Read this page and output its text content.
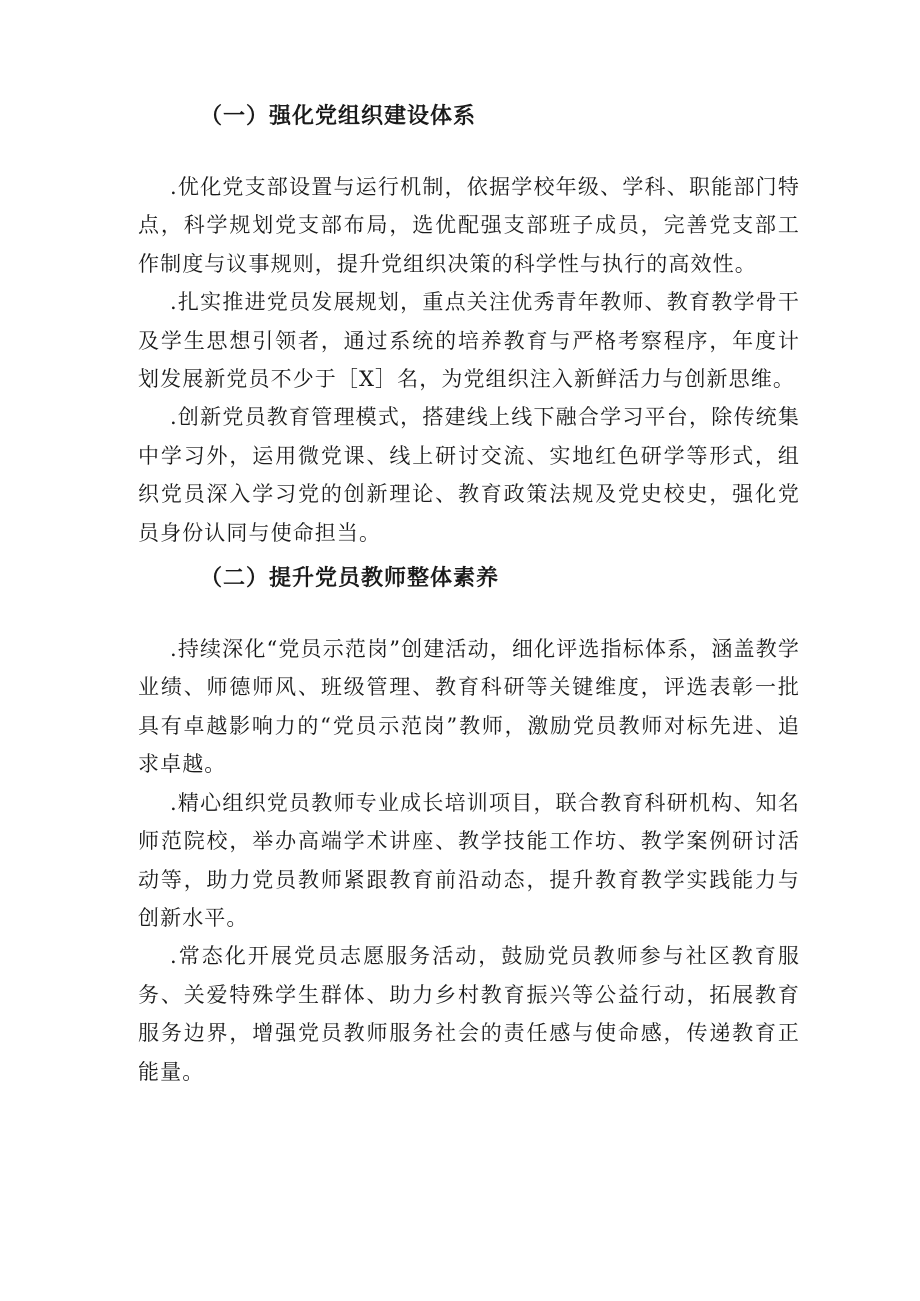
（一）强化党组织建设体系

.优化党支部设置与运行机制，依据学校年级、学科、职能部门特点，科学规划党支部布局，选优配强支部班子成员，完善党支部工作制度与议事规则，提升党组织决策的科学性与执行的高效性。

.扎实推进党员发展规划，重点关注优秀青年教师、教育教学骨干及学生思想引领者，通过系统的培养教育与严格考察程序，年度计划发展新党员不少于［X］名，为党组织注入新鲜活力与创新思维。

.创新党员教育管理模式，搭建线上线下融合学习平台，除传统集中学习外，运用微党课、线上研讨交流、实地红色研学等形式，组织党员深入学习党的创新理论、教育政策法规及党史校史，强化党员身份认同与使命担当。

（二）提升党员教师整体素养

.持续深化“党员示范岗”创建活动，细化评选指标体系，涵盖教学业绩、师德师风、班级管理、教育科研等关键维度，评选表彰一批具有卓越影响力的“党员示范岗”教师，激励党员教师对标先进、追求卓越。

.精心组织党员教师专业成长培训项目，联合教育科研机构、知名师范院校，举办高端学术讲座、教学技能工作坊、教学案例研讨活动等，助力党员教师紧跟教育前沿动态，提升教育教学实践能力与创新水平。

.常态化开展党员志愿服务活动，鼓励党员教师参与社区教育服务、关爱特殊学生群体、助力乡村教育振兴等公益行动，拓展教育服务边界，增强党员教师服务社会的责任感与使命感，传递教育正能量。
